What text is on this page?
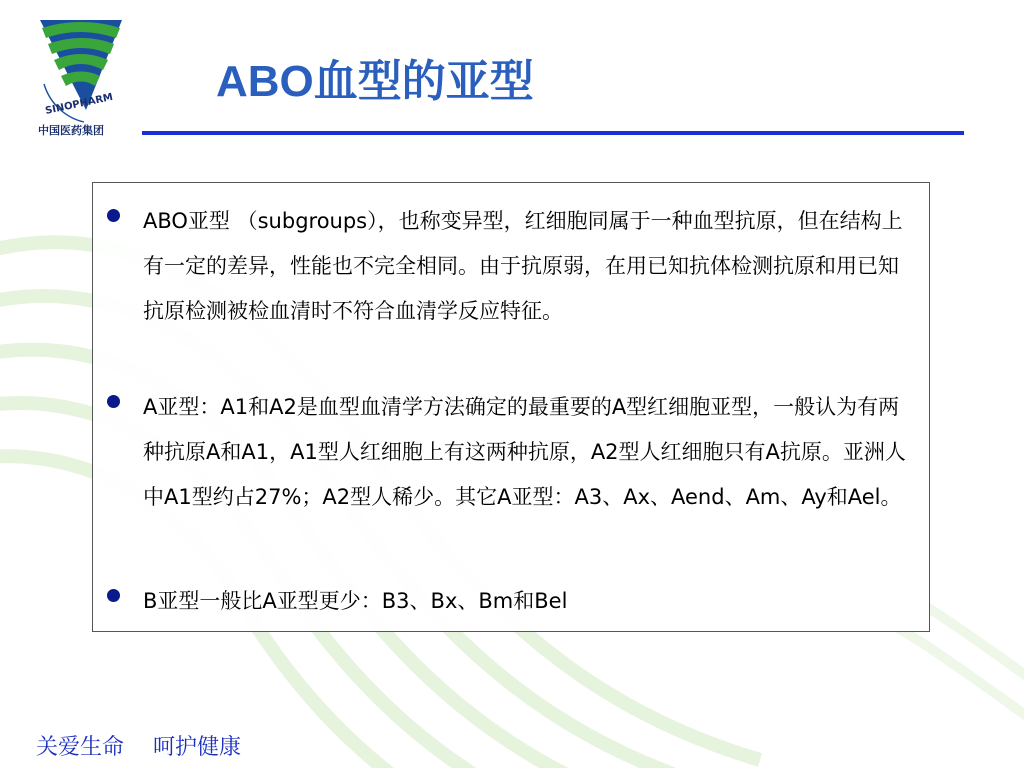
SINOPHARM
中国医药集团
ABO血型的亚型
ABO亚型 （subgroups），也称变异型，红细胞同属于一种血型抗原，但在结构上有一定的差异，性能也不完全相同。由于抗原弱，在用已知抗体检测抗原和用已知抗原检测被检血清时不符合血清学反应特征。
A亚型：A1和A2是血型血清学方法确定的最重要的A型红细胞亚型，一般认为有两种抗原A和A1，A1型人红细胞上有这两种抗原，A2型人红细胞只有A抗原。亚洲人中A1型约占27%；A2型人稀少。其它A亚型：A3、Ax、Aend、Am、Ay和Ael。
B亚型一般比A亚型更少：B3、Bx、Bm和Bel
关爱生命　 呵护健康
